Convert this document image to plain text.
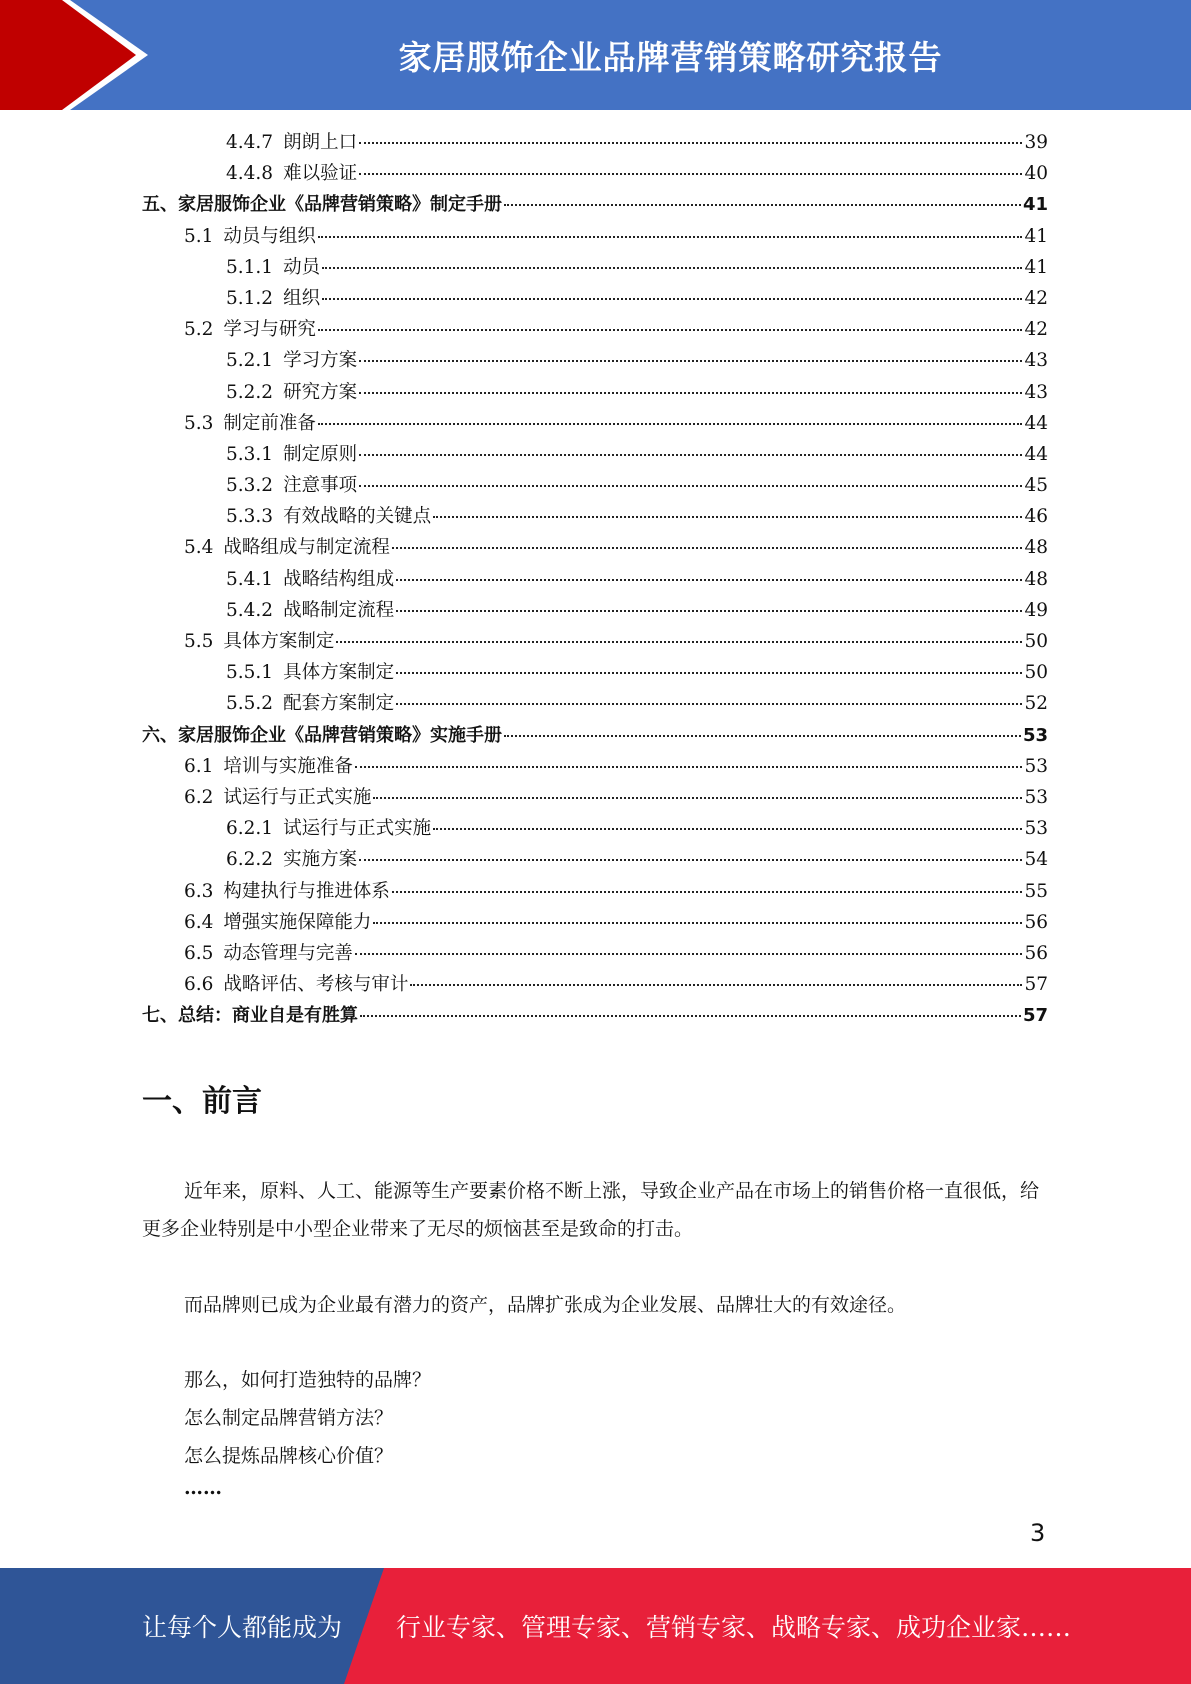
家居服饰企业品牌营销策略研究报告
4.4.7 朗朗上口	39
4.4.8 难以验证	40
五、家居服饰企业《品牌营销策略》制定手册	41
5.1 动员与组织	41
5.1.1 动员	41
5.1.2 组织	42
5.2 学习与研究	42
5.2.1 学习方案	43
5.2.2 研究方案	43
5.3 制定前准备	44
5.3.1 制定原则	44
5.3.2 注意事项	45
5.3.3 有效战略的关键点	46
5.4 战略组成与制定流程	48
5.4.1 战略结构组成	48
5.4.2 战略制定流程	49
5.5 具体方案制定	50
5.5.1 具体方案制定	50
5.5.2 配套方案制定	52
六、家居服饰企业《品牌营销策略》实施手册	53
6.1 培训与实施准备	53
6.2 试运行与正式实施	53
6.2.1 试运行与正式实施	53
6.2.2 实施方案	54
6.3 构建执行与推进体系	55
6.4 增强实施保障能力	56
6.5 动态管理与完善	56
6.6 战略评估、考核与审计	57
七、总结：商业自是有胜算	57
一、前言
近年来，原料、人工、能源等生产要素价格不断上涨，导致企业产品在市场上的销售价格一直很低，给更多企业特别是中小型企业带来了无尽的烦恼甚至是致命的打击。
而品牌则已成为企业最有潜力的资产，品牌扩张成为企业发展、品牌壮大的有效途径。
那么，如何打造独特的品牌？
怎么制定品牌营销方法？
怎么提炼品牌核心价值？
……
3
让每个人都能成为 行业专家、管理专家、营销专家、战略专家、成功企业家……
